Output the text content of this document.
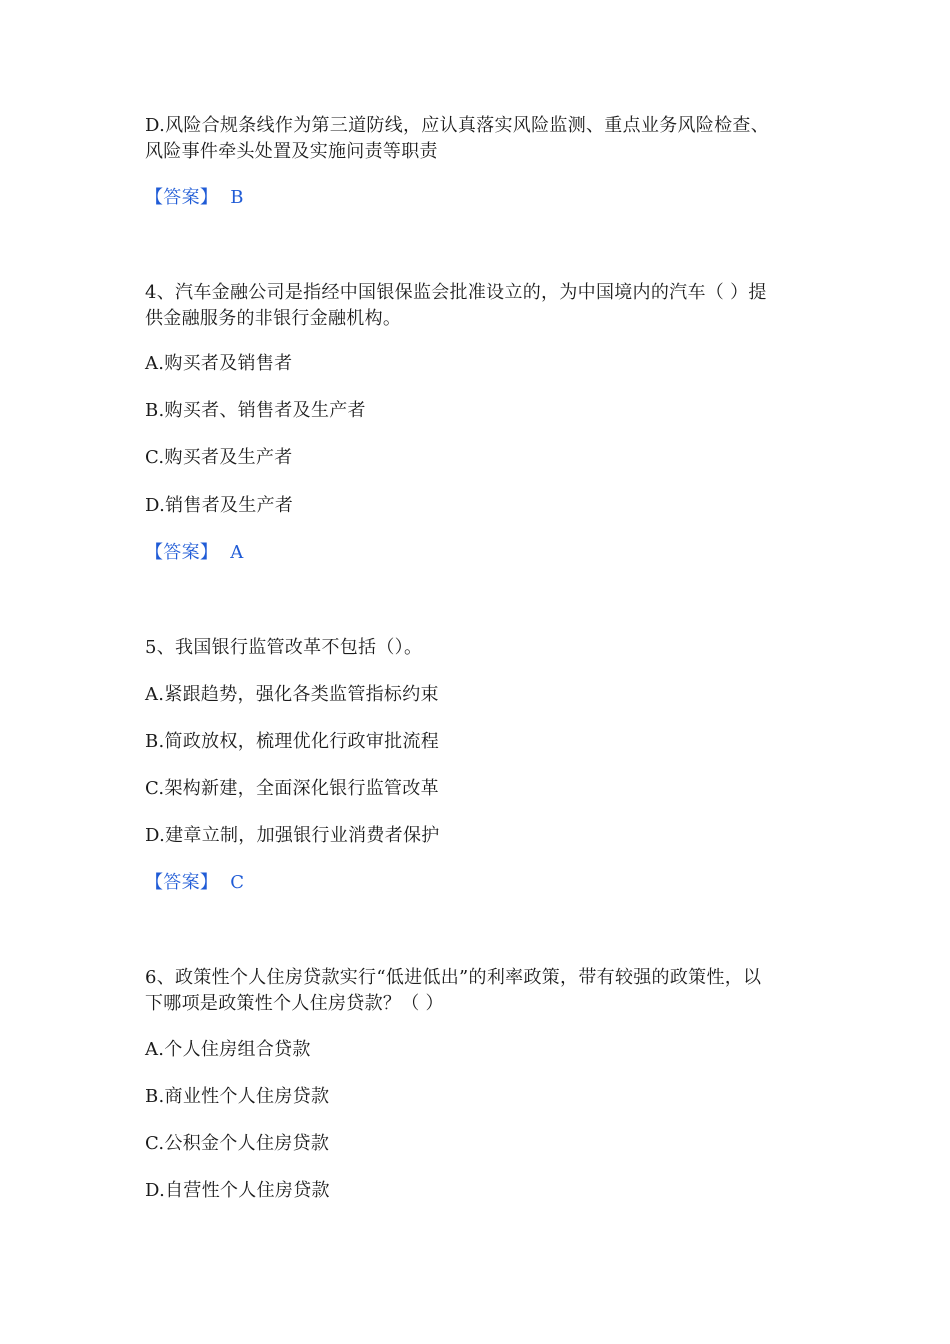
D.风险合规条线作为第三道防线，应认真落实风险监测、重点业务风险检查、
风险事件牵头处置及实施问责等职责
【答案】 B
4、汽车金融公司是指经中国银保监会批准设立的，为中国境内的汽车（ ）提
供金融服务的非银行金融机构。
A.购买者及销售者
B.购买者、销售者及生产者
C.购买者及生产者
D.销售者及生产者
【答案】 A
5、我国银行监管改革不包括（）。
A.紧跟趋势，强化各类监管指标约束
B.简政放权，梳理优化行政审批流程
C.架构新建，全面深化银行监管改革
D.建章立制，加强银行业消费者保护
【答案】 C
6、政策性个人住房贷款实行“低进低出”的利率政策，带有较强的政策性，以
下哪项是政策性个人住房贷款？（ ）
A.个人住房组合贷款
B.商业性个人住房贷款
C.公积金个人住房贷款
D.自营性个人住房贷款
